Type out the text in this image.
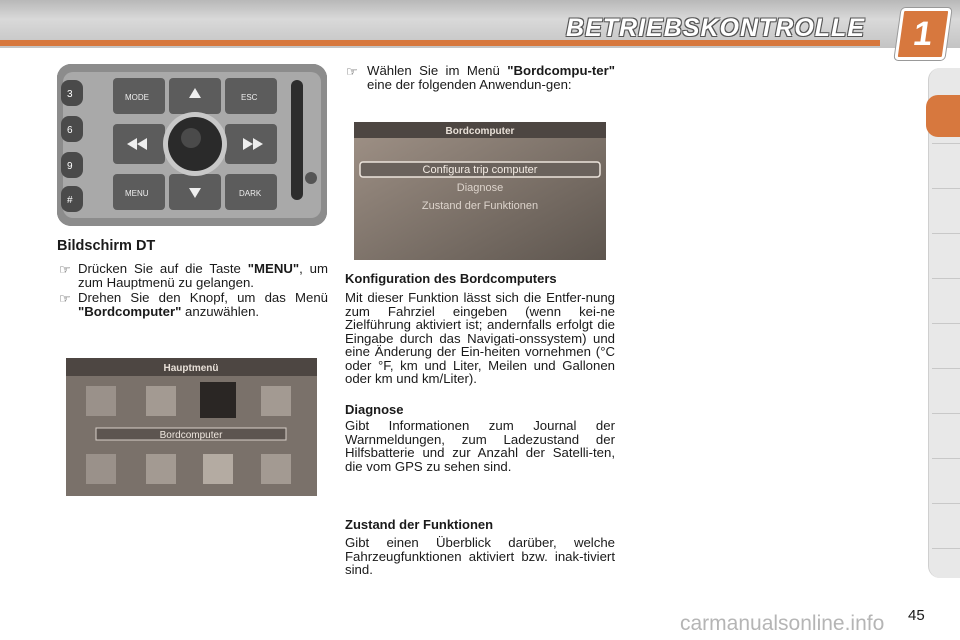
BETRIEBSKONTROLLE	1
3
6
9
#
MODE	ESC
MENU	DARK
Bildschirm DT
☞ Drücken Sie auf die Taste "MENU", um zum Hauptmenü zu gelangen.
☞ Drehen Sie den Knopf, um das Menü "Bordcomputer" anzuwählen.
Hauptmenü
Bordcomputer
☞ Wählen Sie im Menü "Bordcompu-ter" eine der folgenden Anwendun-gen:
Bordcomputer
Configura trip computer
Diagnose
Zustand der Funktionen
Konfiguration des Bordcomputers
Mit dieser Funktion lässt sich die Entfer-nung zum Fahrziel eingeben (wenn kei-ne Zielführung aktiviert ist; andernfalls erfolgt die Eingabe durch das Navigati-onssystem) und eine Änderung der Ein-heiten vornehmen (°C oder °F, km und Liter, Meilen und Gallonen oder km und km/Liter).
Diagnose
Gibt Informationen zum Journal der Warnmeldungen, zum Ladezustand der Hilfsbatterie und zur Anzahl der Satelli-ten, die vom GPS zu sehen sind.
Zustand der Funktionen
Gibt einen Überblick darüber, welche Fahrzeugfunktionen aktiviert bzw. inak-tiviert sind.
carmanualsonline.info 45
